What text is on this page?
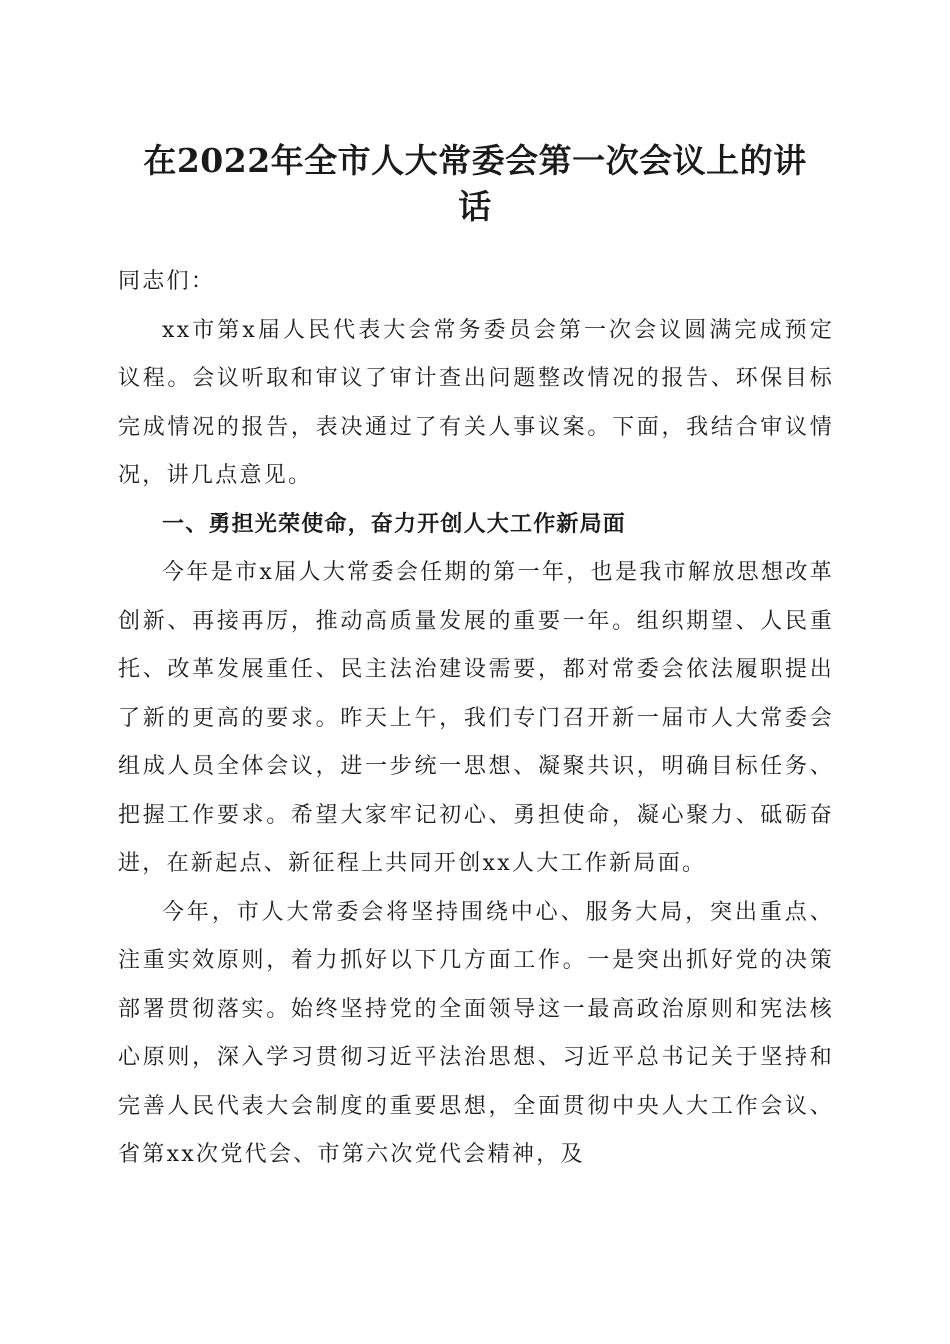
在2022年全市人大常委会第一次会议上的讲
话

同志们：

xx市第x届人民代表大会常务委员会第一次会议圆满完成预定议程。会议听取和审议了审计查出问题整改情况的报告、环保目标完成情况的报告，表决通过了有关人事议案。下面，我结合审议情况，讲几点意见。

一、勇担光荣使命，奋力开创人大工作新局面

今年是市x届人大常委会任期的第一年，也是我市解放思想改革创新、再接再厉，推动高质量发展的重要一年。组织期望、人民重托、改革发展重任、民主法治建设需要，都对常委会依法履职提出了新的更高的要求。昨天上午，我们专门召开新一届市人大常委会组成人员全体会议，进一步统一思想、凝聚共识，明确目标任务、把握工作要求。希望大家牢记初心、勇担使命，凝心聚力、砥砺奋进，在新起点、新征程上共同开创xx人大工作新局面。

今年，市人大常委会将坚持围绕中心、服务大局，突出重点、注重实效原则，着力抓好以下几方面工作。一是突出抓好党的决策部署贯彻落实。始终坚持党的全面领导这一最高政治原则和宪法核心原则，深入学习贯彻习近平法治思想、习近平总书记关于坚持和完善人民代表大会制度的重要思想，全面贯彻中央人大工作会议、省第xx次党代会、市第六次党代会精神，及
